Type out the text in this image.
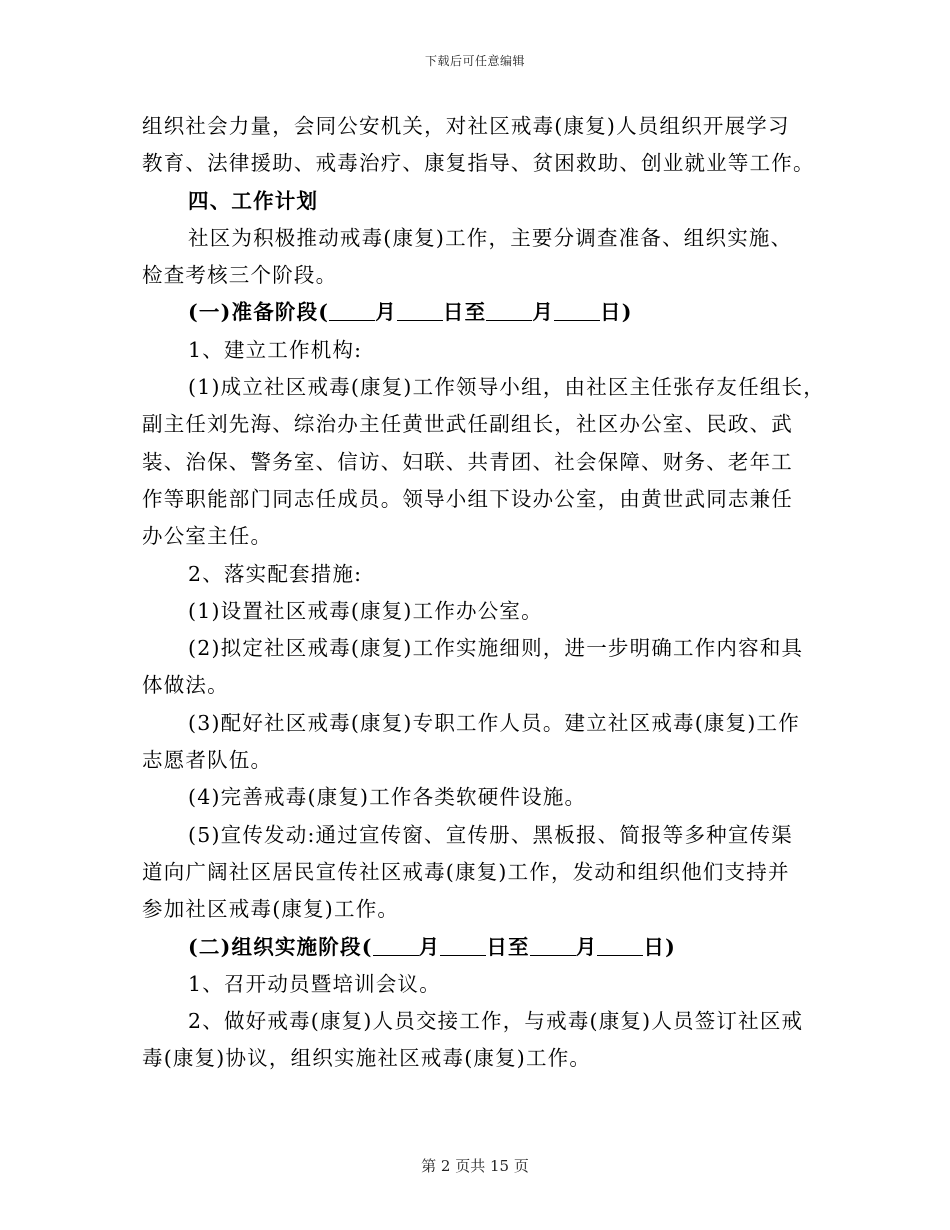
下载后可任意编辑
组织社会力量，会同公安机关，对社区戒毒(康复)人员组织开展学习
教育、法律援助、戒毒治疗、康复指导、贫困救助、创业就业等工作。
四、工作计划
社区为积极推动戒毒(康复)工作，主要分调查准备、组织实施、
检查考核三个阶段。
(一)准备阶段( 月 日至 月 日)
1、建立工作机构:
(1)成立社区戒毒(康复)工作领导小组，由社区主任张存友任组长，
副主任刘先海、综治办主任黄世武任副组长，社区办公室、民政、武
装、治保、警务室、信访、妇联、共青团、社会保障、财务、老年工
作等职能部门同志任成员。领导小组下设办公室，由黄世武同志兼任
办公室主任。
2、落实配套措施:
(1)设置社区戒毒(康复)工作办公室。
(2)拟定社区戒毒(康复)工作实施细则，进一步明确工作内容和具
体做法。
(3)配好社区戒毒(康复)专职工作人员。建立社区戒毒(康复)工作
志愿者队伍。
(4)完善戒毒(康复)工作各类软硬件设施。
(5)宣传发动:通过宣传窗、宣传册、黑板报、简报等多种宣传渠
道向广阔社区居民宣传社区戒毒(康复)工作，发动和组织他们支持并
参加社区戒毒(康复)工作。
(二)组织实施阶段( 月 日至 月 日)
1、召开动员暨培训会议。
2、做好戒毒(康复)人员交接工作，与戒毒(康复)人员签订社区戒
毒(康复)协议，组织实施社区戒毒(康复)工作。
第 2 页共 15 页
